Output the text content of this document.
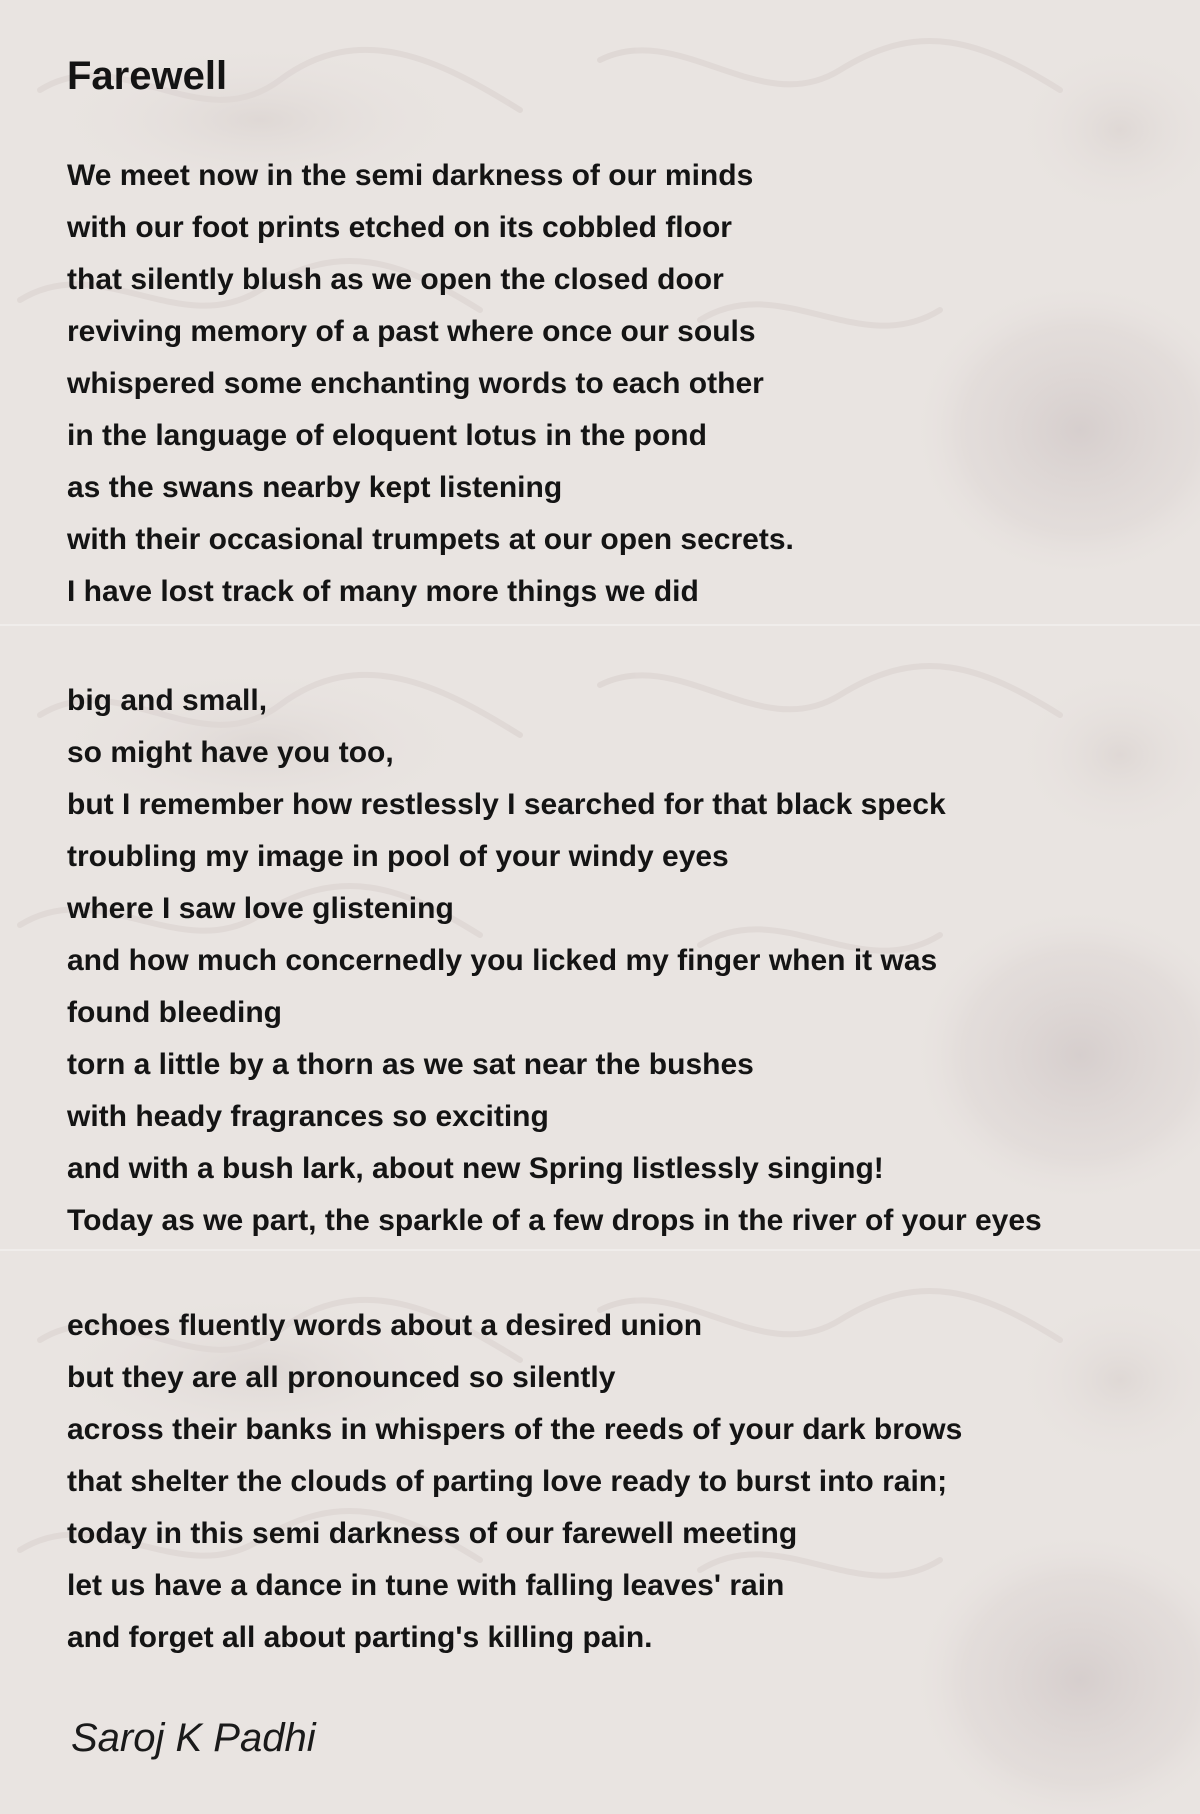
Farewell
We meet now in the semi darkness of our minds
with our foot prints etched on its cobbled floor
that silently blush as we open the closed door
reviving memory of a past where once our souls
whispered some enchanting words to each other
in the language of eloquent lotus in the pond
as the swans nearby kept listening
with their occasional trumpets at our open secrets.
I have lost track of many more things we did
big and small,
so might have you too,
but I remember how restlessly I searched for that black speck
troubling my image in pool of your windy eyes
where I saw love glistening
and how much concernedly you licked my finger when it was
found bleeding
torn a little by a thorn as we sat near the bushes
with heady fragrances so exciting
and with a bush lark, about new Spring listlessly singing!
Today as we part, the sparkle of a few drops in the river of your eyes
echoes fluently words about a desired union
but they are all pronounced so silently
across their banks in whispers of the reeds of your dark brows
that shelter the clouds of parting love ready to burst into rain;
today in this semi darkness of our farewell meeting
let us have a dance in tune with falling leaves' rain
and forget all about parting's killing pain.

Saroj K Padhi
